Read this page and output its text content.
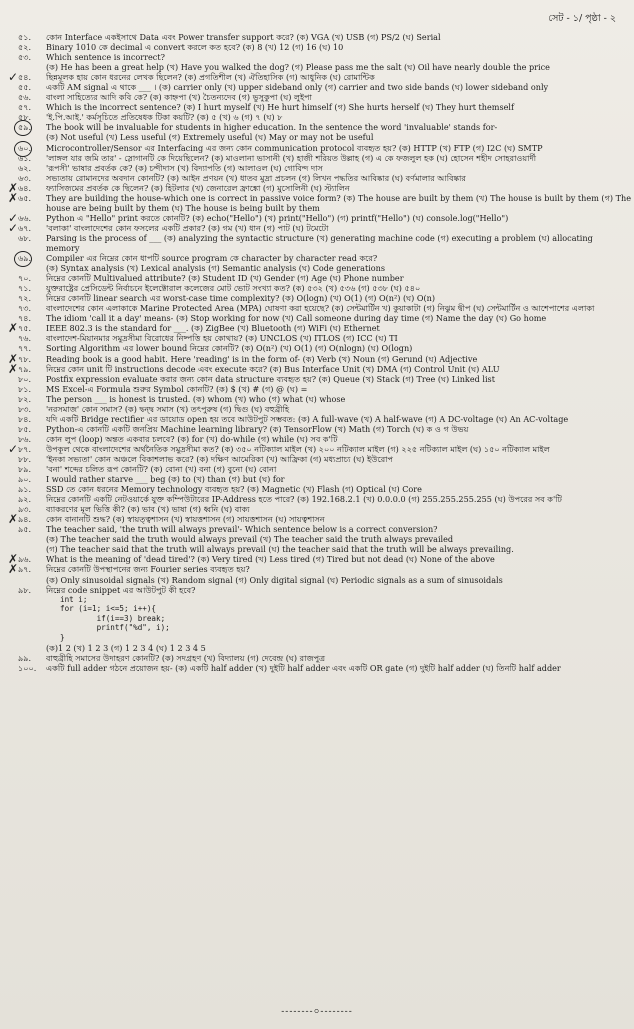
সেট - ১/ পৃষ্ঠা - ২
৫১.	কোন Interface একইসাথে Data এবং Power transfer support করে? (ক) VGA (খ) USB (গ) PS/2 (ঘ) Serial
৫২.	Binary 1010 কে decimal এ convert করলে কত হবে? (ক) 8 (খ) 12 (গ) 16 (ঘ) 10
৫৩.	Which sentence is incorrect?
(ক) He has been a great help (খ) Have you walked the dog? (গ) Please pass me the salt (ঘ) Oil have nearly double the price
✓ ৫৪.	ছিন্নমূলক হায় কোন ধরনের লেখক ছিলেন? (ক) প্রগতিশীল (খ) ঐতিহাসিক (গ) আধুনিক (ঘ) রোমান্টিক
৫৫.	একটি AM signal এ থাকে ___ । (ক) carrier only (খ) upper sideband only (গ) carrier and two side bands (ঘ) lower sideband only
৫৬.	বাংলা সাহিত্যের আদি কবি কে? (ক) কাহ্নপা (খ) চৈতন্যদেব (গ) ভুসুকুপা (ঘ) লুইপা
৫৭.	Which is the incorrect sentence? (ক) I hurt myself (খ) He hurt himself (গ) She hurts herself (ঘ) They hurt themself
৫৮.	'ই.পি.আই.' কর্মসূচিতে প্রতিষেধক টিকা কয়টি? (ক) ৫ (খ) ৬ (গ) ৭ (ঘ) ৮
৫৯.	The book will be invaluable for students in higher education. In the sentence the word 'invaluable' stands for-
(ক) Not useful (খ) Less useful (গ) Extremely useful (ঘ) May or may not be useful
৬০.	Microcontroller/Sensor এর Interfacing এর জন্য কোন communication protocol ব্যবহৃত হয়? (ক) HTTP (খ) FTP (গ) I2C (ঘ) SMTP
৬১.	'লাঙ্গল যার জমি তার' - স্লোগানটি কে দিয়েছিলেন? (ক) মাওলানা ভাসানী (খ) হাজী শরিয়ত উল্লাহ (গ) এ কে ফজলুল হক (ঘ) হোসেন শহীদ সোহরাওয়ার্দী
৬২.	'রূপসী' ভাষার প্রবর্তক কে? (ক) চন্দীদাস (খ) বিদ্যাপতি (গ) আলাওল (ঘ) গোবিন্দ দাস
৬৩.	সভ্যতায় রোমানদের অবদান কোনটি? (ক) আইন প্রণয়ন (খ) ধাতব মুদ্রা প্রচলন (গ) লিখন পদ্ধতির আবিষ্কার (ঘ) বর্ণমালার আবিষ্কার
✗ ৬৪.	ফ্যাসিজমের প্রবর্তক কে ছিলেন? (ক) হিটলার (খ) জেনারেল ফ্রাঙ্কো (গ) মুসোলিনী (ঘ) স্ট্যালিন
✗ ৬৫.	They are building the house-which one is correct in passive voice form? (ক) The house are built by them (খ) The house is built by them (গ) The
house are being built by them (ঘ) The house is being built by them
✓ ৬৬.	Python এ "Hello" print করতে কোনটি? (ক) echo("Hello") (খ) print("Hello") (গ) printf("Hello") (ঘ) console.log("Hello")
✓ ৬৭.	'বলাকা' বাংলাদেশের কোন ফসলের একটি প্রকার? (ক) গম (খ) ধান (গ) পাট (ঘ) টমেটো
৬৮.	Parsing is the process of ___ (ক) analyzing the syntactic structure (খ) generating machine code (গ) executing a problem (ঘ) allocating
memory
৬৯.	Compiler এর নিম্নের কোন ধাপটি source program কে character by character read করে?
(ক) Syntax analysis (খ) Lexical analysis (গ) Semantic analysis (ঘ) Code generations
৭০.	নিম্নের কোনটি Multivalued attribute? (ক) Student ID (খ) Gender (গ) Age (ঘ) Phone number
৭১.	যুক্তরাষ্ট্রের প্রেসিডেন্ট নির্বাচনে ইলেক্টোরাল কলেজের মোট ভোট সংখ্যা কত? (ক) ৫৩২ (খ) ৫৩৬ (গ) ৫৩৮ (ঘ) ৫৪০
৭২.	নিম্নের কোনটি linear search এর worst-case time complexity? (ক) O(logn) (খ) O(1) (গ) O(n²) (ঘ) O(n)
৭৩.	বাংলাদেশের কোন এলাকাকে Marine Protected Area (MPA) ঘোষণা করা হয়েছে? (ক) সেন্টমার্টিন খ) কুয়াকাটা (গ) নিঝুম দ্বীপ (ঘ) সেন্টমার্টিন ও আশেপাশের এলাকা
৭৪.	The idiom 'call it a day' means- (ক) Stop working for now (খ) Call someone during day time (গ) Name the day (ঘ) Go home
✗ ৭৫.	IEEE 802.3 is the standard for ___. (ক) ZigBee (খ) Bluetooth (গ) WiFi (ঘ) Ethernet
৭৬.	বাংলাদেশ-মিয়ানমার সমুদ্রসীমা বিরোধের নিষ্পত্তি হয় কোথায়? (ক) UNCLOS (খ) ITLOS (গ) ICC (ঘ) TI
৭৭.	Sorting Algorithm এর lower bound নিম্নের কোনটি? (ক) O(n²) (খ) O(1) (গ) O(nlogn) (ঘ) O(logn)
✗ ৭৮.	Reading book is a good habit. Here 'reading' is in the form of- (ক) Verb (খ) Noun (গ) Gerund (ঘ) Adjective
✗ ৭৯.	নিম্নের কোন unit টি instructions decode এবং execute করে? (ক) Bus Interface Unit (খ) DMA (গ) Control Unit (ঘ) ALU
৮০.	Postfix expression evaluate করার জন্য কোন data structure ব্যবহৃত হয়? (ক) Queue (খ) Stack (গ) Tree (ঘ) Linked list
৮১.	MS Excel-এ Formula শুরুর Symbol কোনটি? (ক) $ (খ) # (গ) @ (ঘ) =
৮২.	The person ___ is honest is trusted. (ক) whom (খ) who (গ) what (ঘ) whose
৮৩.	'নরসমাজ' কোন সমাস? (ক) দ্বন্দ্ব সমাস (খ) তৎপুরুষ (গ) দ্বিগু (ঘ) বহুব্রীহি
৮৪.	যদি একটি Bridge rectifier এর ডায়োড open হয় তবে আউটপুট সম্ভবত: (ক) A full-wave (খ) A half-wave (গ) A DC-voltage (ঘ) An AC-voltage
৮৫.	Python-এ কোনটি একটি জনপ্রিয় Machine learning library? (ক) TensorFlow (খ) Math (গ) Torch (ঘ) ক ও গ উভয়
৮৬.	কোন লুপ (loop) অন্তত একবার চলবে? (ক) for (খ) do-while (গ) while (ঘ) সব ক'টি
✓ ৮৭.	উপকূল থেকে বাংলাদেশের অর্থনৈতিক সমুদ্রসীমা কত? (ক) ৩৫০ নটিক্যাল মাইল (খ) ২০০ নটিক্যাল মাইল (গ) ২২৫ নটিক্যাল মাইল (ঘ) ১৫০ নটিক্যাল মাইল
৮৮.	'ইনকা সভ্যতা' কোন অঞ্চলে বিকাশলাভ করে? (ক) দক্ষিণ আমেরিকা (খ) আফ্রিকা (গ) মধ্যপ্রাচ্য (ঘ) ইউরোপ
৮৯.	'বনা' শব্দের চলিত রূপ কোনটি? (ক) বোনা (খ) বনা (গ) বুনো (ঘ) বোনা
৯০.	I would rather starve ___ beg (ক) to (খ) than (গ) but (ঘ) for
৯১.	SSD তে কোন ধরনের Memory technology ব্যবহৃত হয়? (ক) Magnetic (খ) Flash (গ) Optical (ঘ) Core
৯২.	নিম্নের কোনটি একটি নেটওয়ার্কে যুক্ত কম্পিউটারের IP-Address হতে পারে? (ক) 192.168.2.1 (খ) 0.0.0.0 (গ) 255.255.255.255 (ঘ) উপরের সব ক'টি
৯৩.	ব্যাকরণের মূল ভিত্তি কী? (ক) ভাব (খ) ভাষা (গ) ধ্বনি (ঘ) বাক্য
✗ ৯৪.	কোন বানানটি শুদ্ধ? (ক) স্বায়ত্ত্বশাসন (খ) স্বায়ত্তশাসন (গ) সায়ত্তশাসন (ঘ) সায়ত্বশাসন
৯৫.	The teacher said, 'the truth will always prevail'- Which sentence below is a correct conversion?
(ক) The teacher said the truth would always prevail (খ) The teacher said the truth always prevailed
(গ) The teacher said that the truth will always prevail (ঘ) the teacher said that the truth will be always prevailing.
✗ ৯৬.	What is the meaning of 'dead tired'? (ক) Very tired (খ) Less tired (গ) Tired but not dead (ঘ) None of the above
✗ ৯৭.	নিম্নের কোনটি উপস্থাপনের জন্য Fourier series ব্যবহৃত হয়?
(ক) Only sinusoidal signals (খ) Random signal (গ) Only digital signal (ঘ) Periodic signals as a sum of sinusoidals
৯৮.	নিম্নের code snippet এর আউটপুট কী হবে?
int i;
for (i=1; i<=5; i++){
if(i==3) break;
printf("%d", i);
}
(ক)1 2 (খ) 1 2 3 (গ) 1 2 3 4 (ঘ) 1 2 3 4 5
৯৯.	বাহুব্রীহি সমাসের উদাহরণ কোনটি? (ক) সদগ্রহণ (খ) বিদ্যালয় (গ) দেবেন্দ্র (ঘ) রাজপুত্র
১০০.	একটি full adder গঠনে প্রয়োজন হয়- (ক) একটি half adder (খ) দুইটি half adder এবং একটি OR gate (গ) দুইটি half adder (ঘ) তিনটি half adder
--------০--------
